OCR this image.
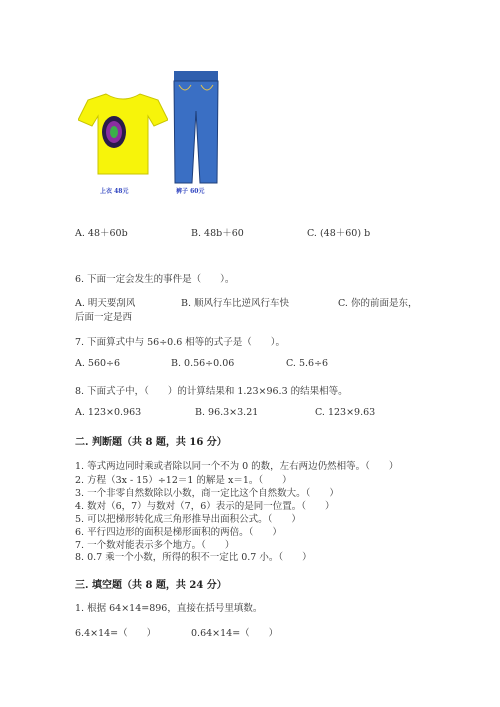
上衣 48元	裤子 60元
A. 48＋60b	B. 48b＋60	C. (48＋60) b
6. 下面一定会发生的事件是（　　）。
A. 明天要刮风	B. 顺风行车比逆风行车快	C. 你的前面是东，
后面一定是西
7. 下面算式中与 56÷0.6 相等的式子是（　　）。
A. 560÷6	B. 0.56÷0.06	C. 5.6÷6
8. 下面式子中，（　　）的计算结果和 1.23×96.3 的结果相等。
A. 123×0.963	B. 96.3×3.21	C. 123×9.63
二. 判断题（共 8 题，共 16 分）
1. 等式两边同时乘或者除以同一个不为 0 的数，左右两边仍然相等。（　　）
2. 方程（3x - 15）÷12＝1 的解是 x＝1。（　　）
3. 一个非零自然数除以小数，商一定比这个自然数大。（　　）
4. 数对（6，7）与数对（7，6）表示的是同一位置。（　　）
5. 可以把梯形转化成三角形推导出面积公式。（　　）
6. 平行四边形的面积是梯形面积的两倍。（　　）
7. 一个数对能表示多个地方。（　　）
8. 0.7 乘一个小数，所得的积不一定比 0.7 小。（　　）
三. 填空题（共 8 题，共 24 分）
1. 根据 64×14=896，直接在括号里填数。
6.4×14=（　　）	0.64×14=（　　）
